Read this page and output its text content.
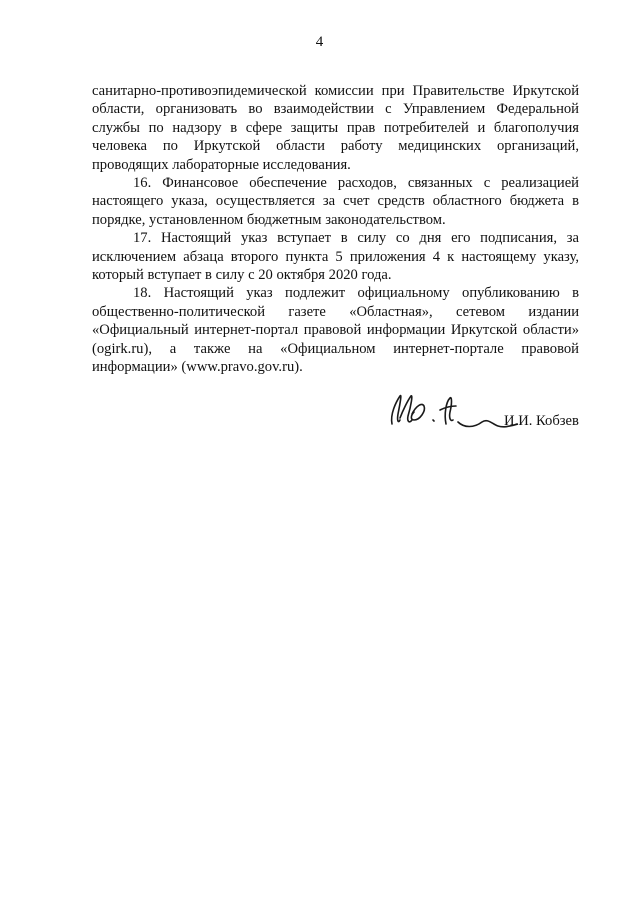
4

санитарно-противоэпидемической комиссии при Правительстве Иркутской области, организовать во взаимодействии с Управлением Федеральной службы по надзору в сфере защиты прав потребителей и благополучия человека по Иркутской области работу медицинских организаций, проводящих лабораторные исследования.

16. Финансовое обеспечение расходов, связанных с реализацией настоящего указа, осуществляется за счет средств областного бюджета в порядке, установленном бюджетным законодательством.

17. Настоящий указ вступает в силу со дня его подписания, за исключением абзаца второго пункта 5 приложения 4 к настоящему указу, который вступает в силу с 20 октября 2020 года.

18. Настоящий указ подлежит официальному опубликованию в общественно-политической газете «Областная», сетевом издании «Официальный интернет-портал правовой информации Иркутской области» (ogirk.ru), а также на «Официальном интернет-портале правовой информации» (www.pravo.gov.ru).

И.И. Кобзев
